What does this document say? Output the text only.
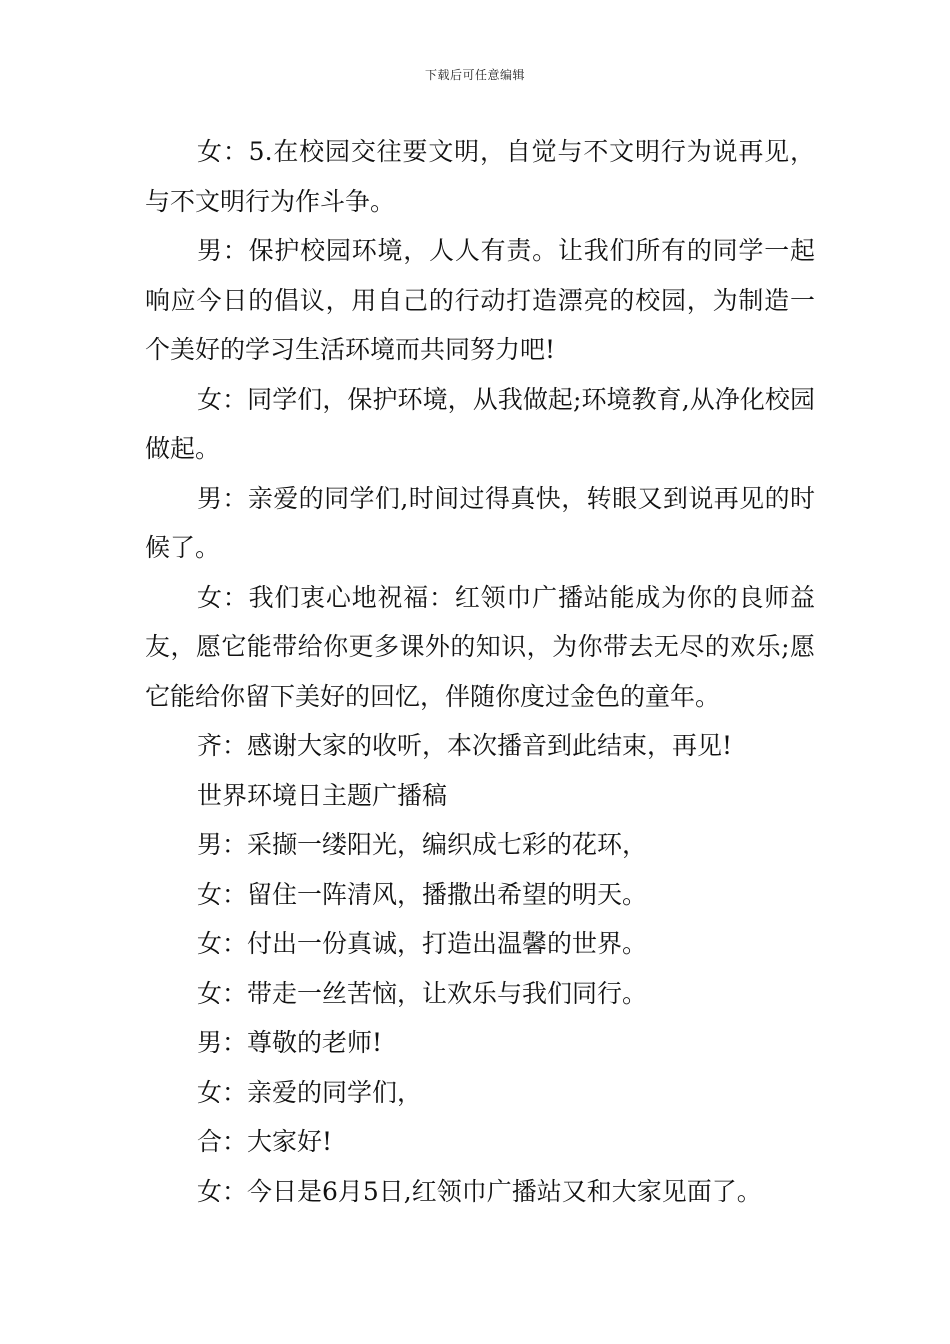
下载后可任意编辑

女：5.在校园交往要文明，自觉与不文明行为说再见，与不文明行为作斗争。

男：保护校园环境，人人有责。让我们所有的同学一起响应今日的倡议，用自己的行动打造漂亮的校园，为制造一个美好的学习生活环境而共同努力吧!

女：同学们，保护环境，从我做起;环境教育,从净化校园做起。

男：亲爱的同学们,时间过得真快，转眼又到说再见的时候了。

女：我们衷心地祝福：红领巾广播站能成为你的良师益友，愿它能带给你更多课外的知识，为你带去无尽的欢乐;愿它能给你留下美好的回忆，伴随你度过金色的童年。

齐：感谢大家的收听，本次播音到此结束，再见!

世界环境日主题广播稿

男：采撷一缕阳光，编织成七彩的花环，

女：留住一阵清风，播撒出希望的明天。

女：付出一份真诚，打造出温馨的世界。

女：带走一丝苦恼，让欢乐与我们同行。

男：尊敬的老师!

女：亲爱的同学们，

合：大家好!

女：今日是6月5日,红领巾广播站又和大家见面了。
